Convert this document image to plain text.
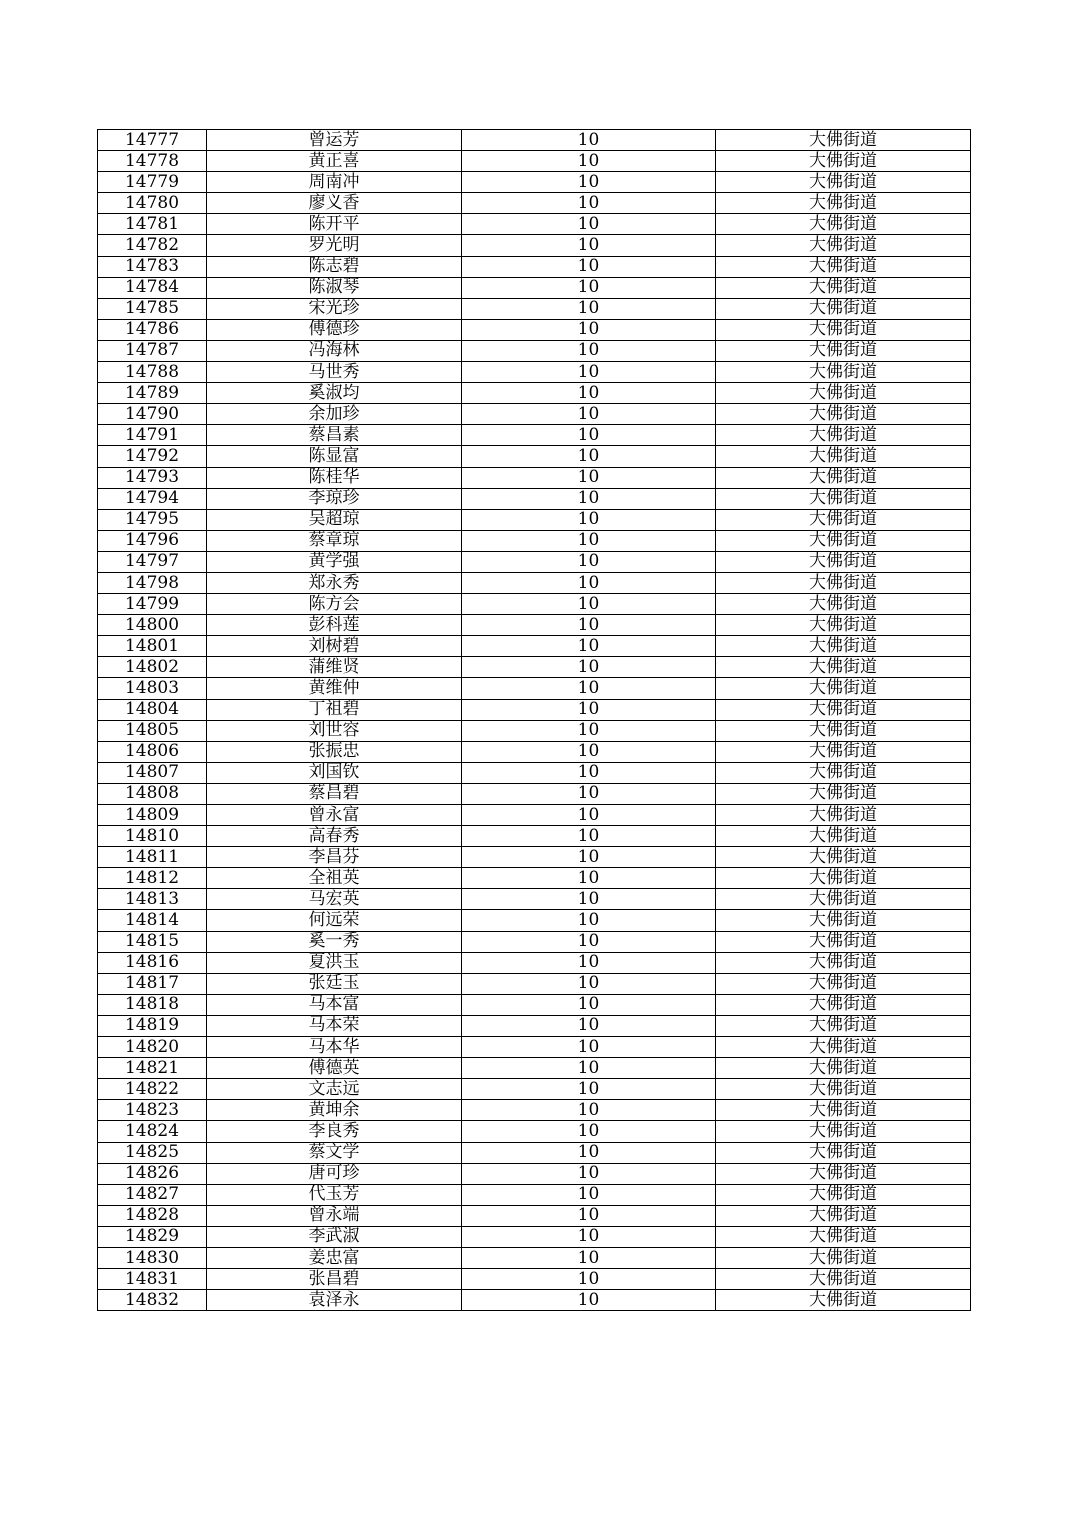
14777	曾运芳	10	大佛街道
14778	黄正喜	10	大佛街道
14779	周南冲	10	大佛街道
14780	廖义香	10	大佛街道
14781	陈开平	10	大佛街道
14782	罗光明	10	大佛街道
14783	陈志碧	10	大佛街道
14784	陈淑琴	10	大佛街道
14785	宋光珍	10	大佛街道
14786	傅德珍	10	大佛街道
14787	冯海林	10	大佛街道
14788	马世秀	10	大佛街道
14789	奚淑均	10	大佛街道
14790	余加珍	10	大佛街道
14791	蔡昌素	10	大佛街道
14792	陈显富	10	大佛街道
14793	陈桂华	10	大佛街道
14794	李琼珍	10	大佛街道
14795	吴超琼	10	大佛街道
14796	蔡章琼	10	大佛街道
14797	黄学强	10	大佛街道
14798	郑永秀	10	大佛街道
14799	陈方会	10	大佛街道
14800	彭科莲	10	大佛街道
14801	刘树碧	10	大佛街道
14802	蒲维贤	10	大佛街道
14803	黄维仲	10	大佛街道
14804	丁祖碧	10	大佛街道
14805	刘世容	10	大佛街道
14806	张振忠	10	大佛街道
14807	刘国钦	10	大佛街道
14808	蔡昌碧	10	大佛街道
14809	曾永富	10	大佛街道
14810	高春秀	10	大佛街道
14811	李昌芬	10	大佛街道
14812	全祖英	10	大佛街道
14813	马宏英	10	大佛街道
14814	何远荣	10	大佛街道
14815	奚一秀	10	大佛街道
14816	夏洪玉	10	大佛街道
14817	张廷玉	10	大佛街道
14818	马本富	10	大佛街道
14819	马本荣	10	大佛街道
14820	马本华	10	大佛街道
14821	傅德英	10	大佛街道
14822	文志远	10	大佛街道
14823	黄坤余	10	大佛街道
14824	李良秀	10	大佛街道
14825	蔡文学	10	大佛街道
14826	唐可珍	10	大佛街道
14827	代玉芳	10	大佛街道
14828	曾永端	10	大佛街道
14829	李武淑	10	大佛街道
14830	姜忠富	10	大佛街道
14831	张昌碧	10	大佛街道
14832	袁泽永	10	大佛街道
